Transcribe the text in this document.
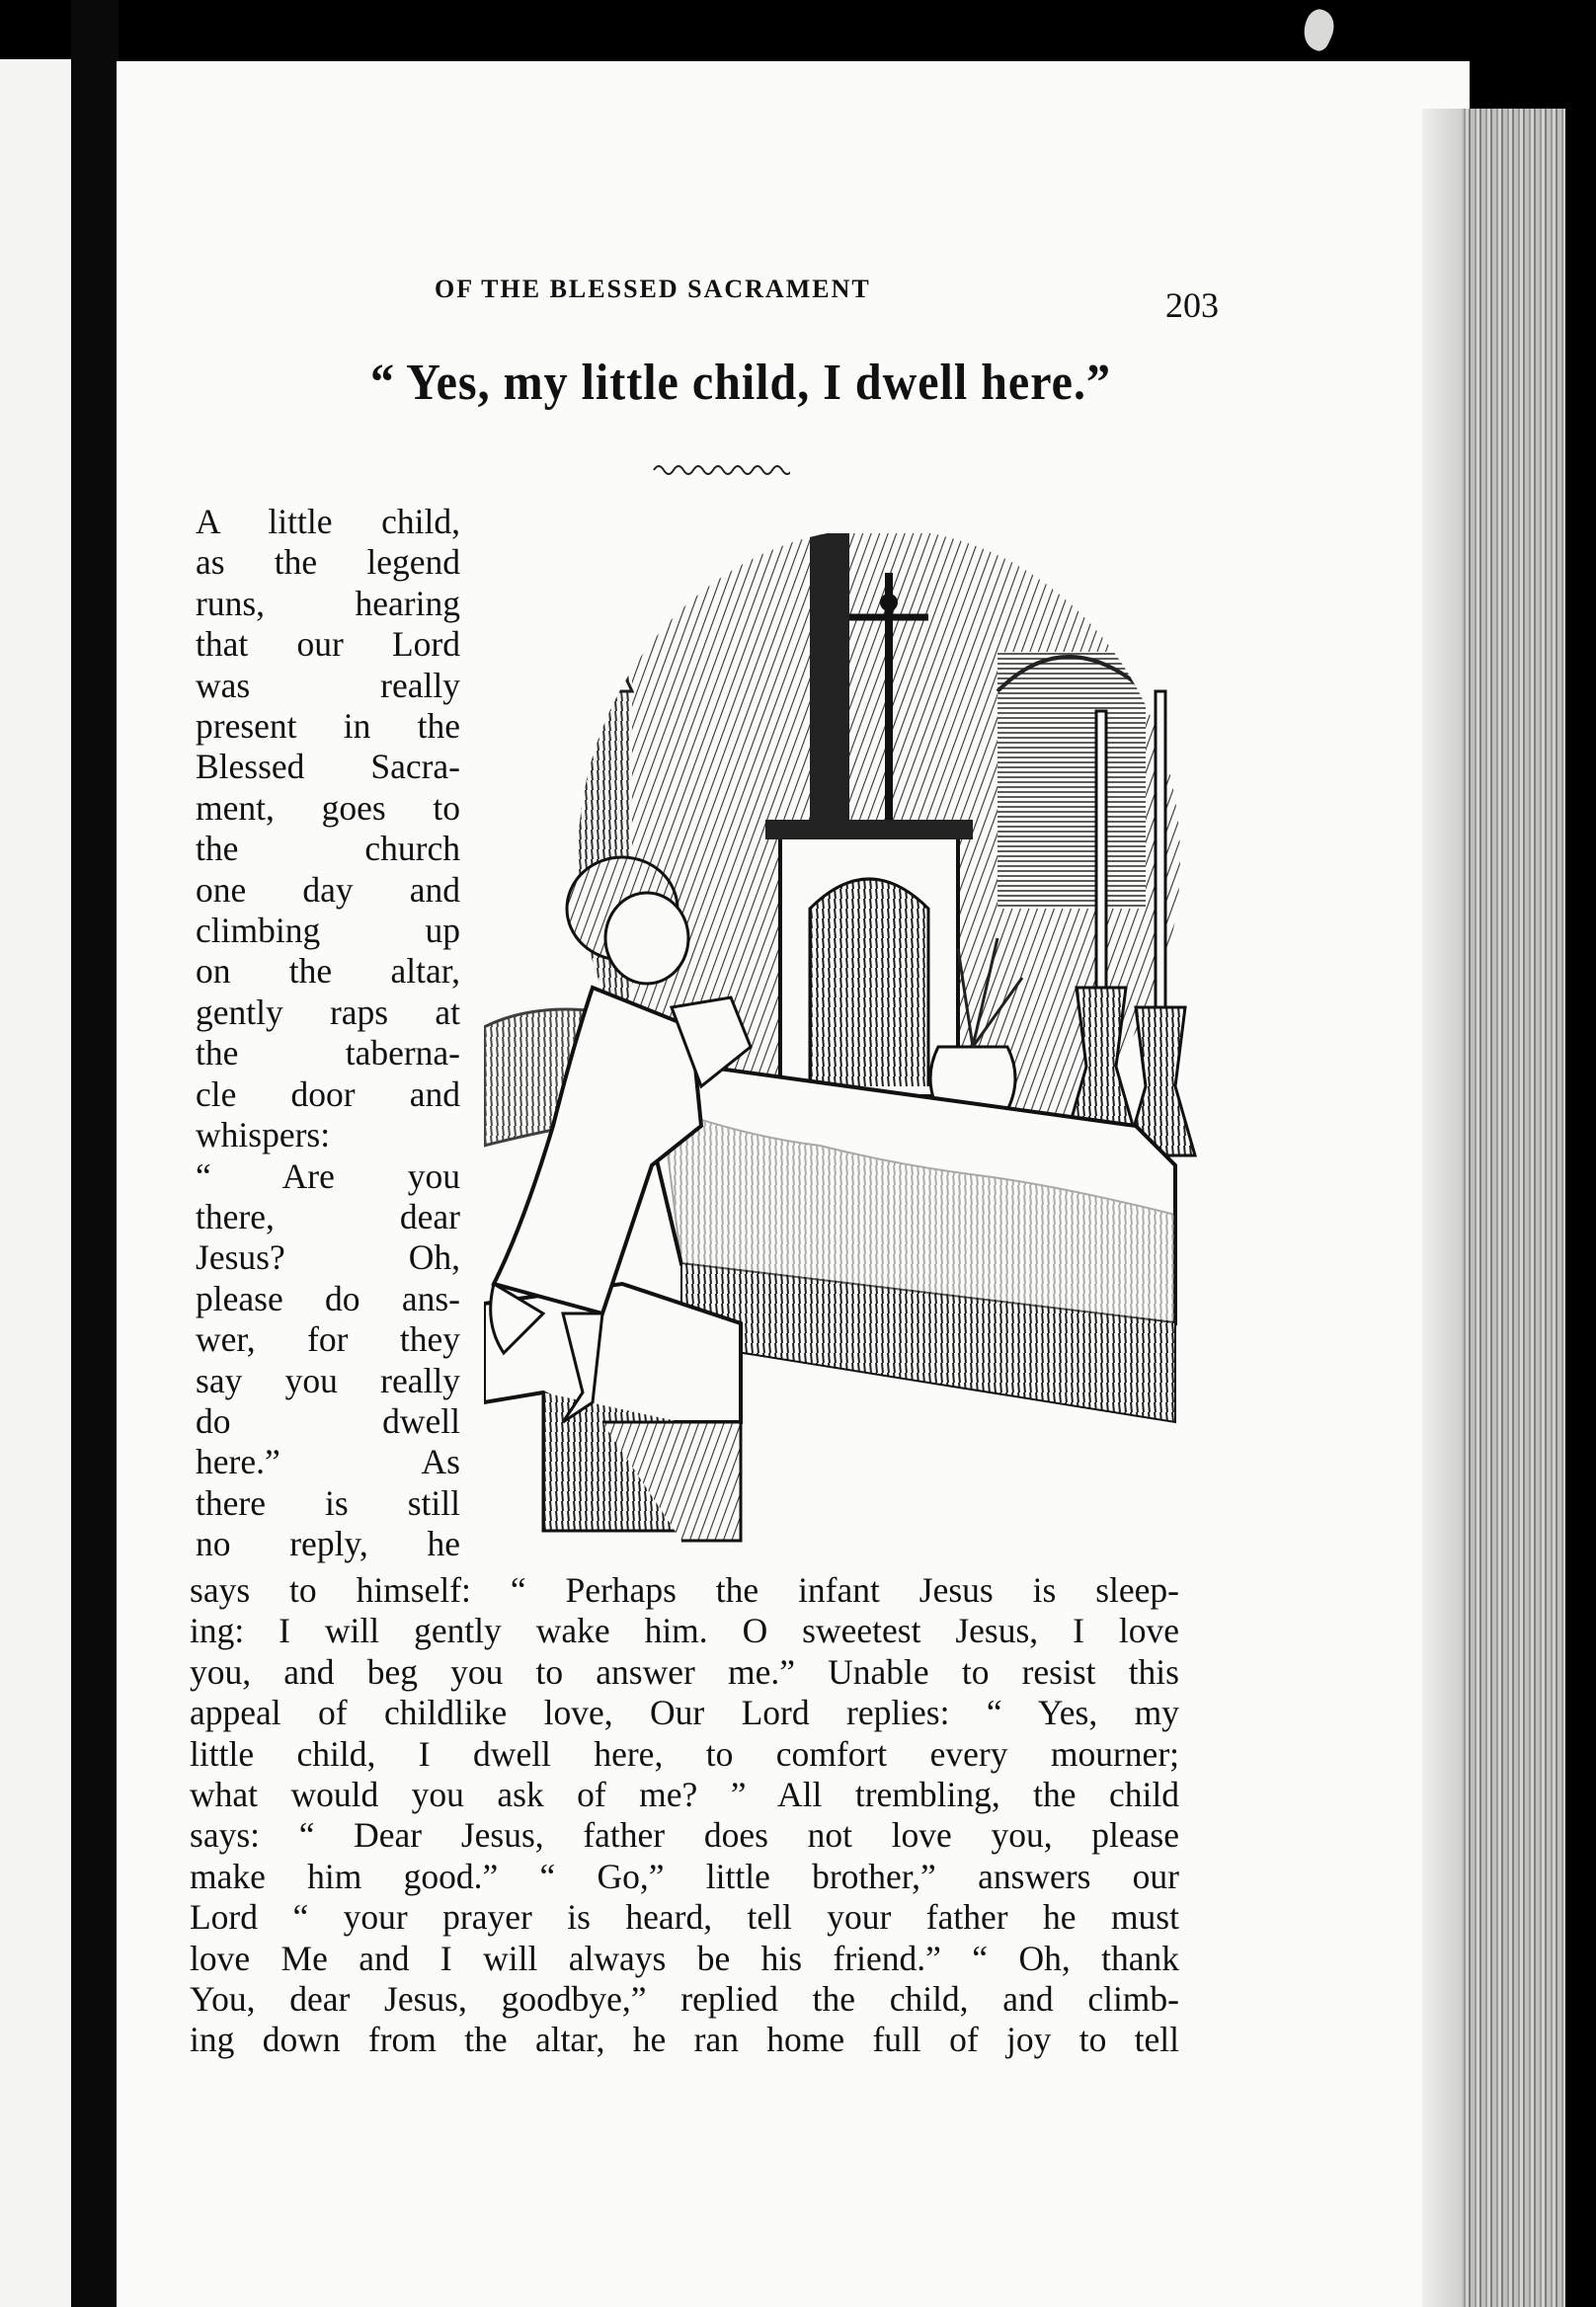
OF THE BLESSED SACRAMENT	203
“ Yes, my little child, I dwell here.”

A little child,

as the legend

runs, hearing

that our Lord

was really

present in the

Blessed Sacra-

ment, goes to

the church

one day and

climbing up

on the altar,

gently raps at

the taberna-

cle door and

whispers:

“ Are you

there, dear

Jesus? Oh,

please do ans-

wer, for they

say you really

do dwell

here.” As

there is still

no reply, he

says to himself: “ Perhaps the infant Jesus is sleep-

ing: I will gently wake him. O sweetest Jesus, I love

you, and beg you to answer me.” Unable to resist this

appeal of childlike love, Our Lord replies: “ Yes, my

little child, I dwell here, to comfort every mourner;

what would you ask of me? ” All trembling, the child

says: “ Dear Jesus, father does not love you, please

make him good.” “ Go,” little brother,” answers our

Lord “ your prayer is heard, tell your father he must

love Me and I will always be his friend.” “ Oh, thank

You, dear Jesus, goodbye,” replied the child, and climb-

ing down from the altar, he ran home full of joy to tell
